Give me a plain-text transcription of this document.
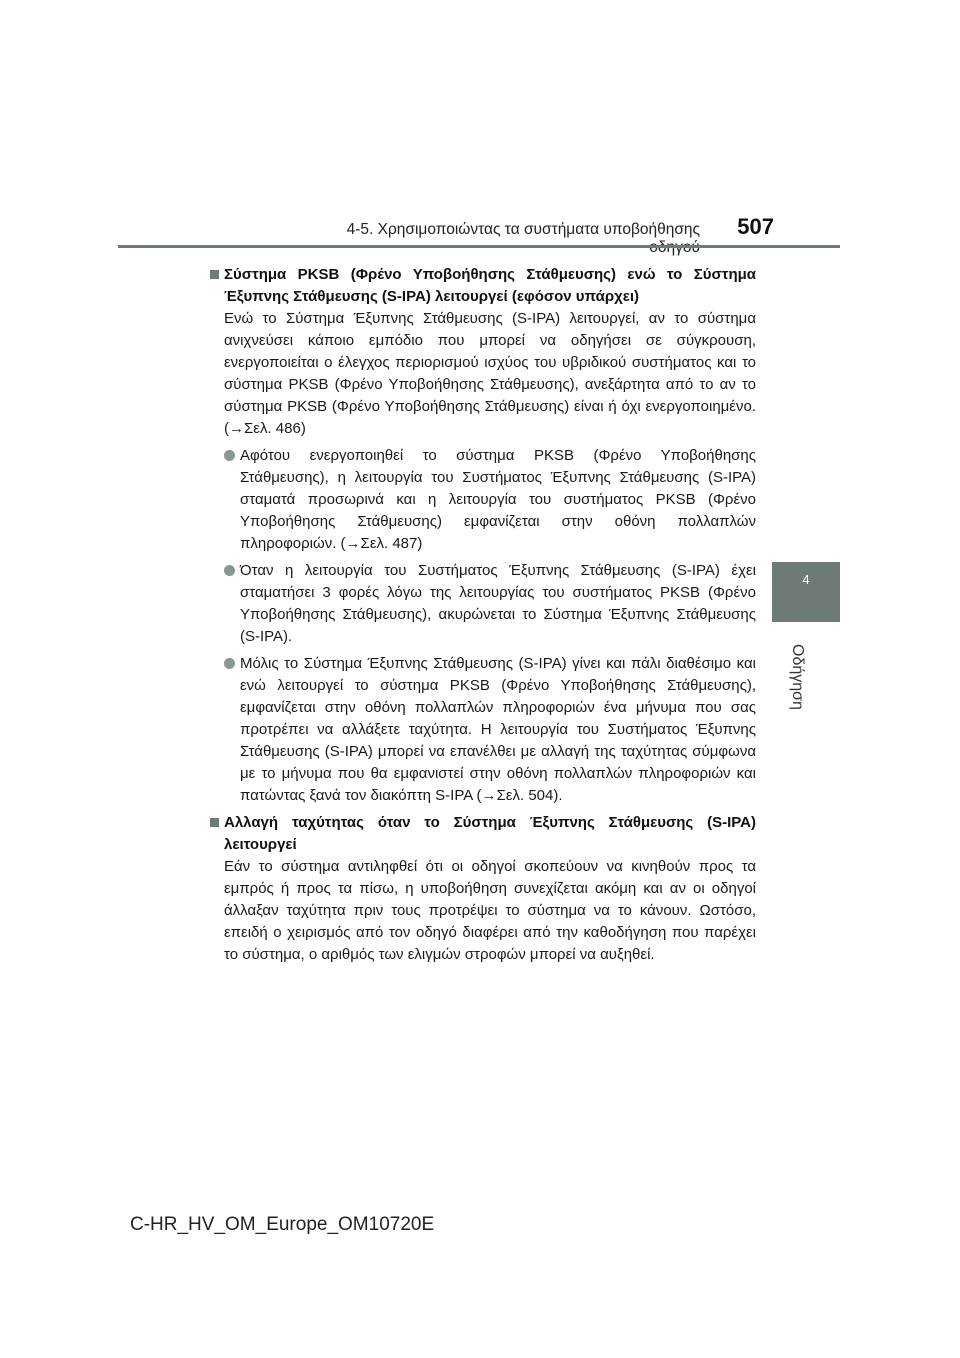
4-5. Χρησιμοποιώντας τα συστήματα υποβοήθησης	507
4
Οδήγηση
Σύστημα PKSB (Φρένο Υποβοήθησης Στάθμευσης) ενώ το Σύστημα Έξυπνης Στάθμευσης (S-IPA) λειτουργεί (εφόσον υπάρχει)
Ενώ το Σύστημα Έξυπνης Στάθμευσης (S-IPA) λειτουργεί, αν το σύστημα ανιχνεύσει κάποιο εμπόδιο που μπορεί να οδηγήσει σε σύγκρουση, ενεργοποιείται ο έλεγχος περιορισμού ισχύος του υβριδικού συστήματος και το σύστημα PKSB (Φρένο Υποβοήθησης Στάθμευσης), ανεξάρτητα από το αν το σύστημα PKSB (Φρένο Υποβοήθησης Στάθμευσης) είναι ή όχι ενεργοποιημένο. (→Σελ. 486)
Αφότου ενεργοποιηθεί το σύστημα PKSB (Φρένο Υποβοήθησης Στάθμευσης), η λειτουργία του Συστήματος Έξυπνης Στάθμευσης (S-IPA) σταματά προσωρινά και η λειτουργία του συστήματος PKSB (Φρένο Υποβοήθησης Στάθμευσης) εμφανίζεται στην οθόνη πολλαπλών πληροφοριών. (→Σελ. 487)
Όταν η λειτουργία του Συστήματος Έξυπνης Στάθμευσης (S-IPA) έχει σταματήσει 3 φορές λόγω της λειτουργίας του συστήματος PKSB (Φρένο Υποβοήθησης Στάθμευσης), ακυρώνεται το Σύστημα Έξυπνης Στάθμευσης (S-IPA).
Μόλις το Σύστημα Έξυπνης Στάθμευσης (S-IPA) γίνει και πάλι διαθέσιμο και ενώ λειτουργεί το σύστημα PKSB (Φρένο Υποβοήθησης Στάθμευσης), εμφανίζεται στην οθόνη πολλαπλών πληροφοριών ένα μήνυμα που σας προτρέπει να αλλάξετε ταχύτητα. Η λειτουργία του Συστήματος Έξυπνης Στάθμευσης (S-IPA) μπορεί να επανέλθει με αλλαγή της ταχύτητας σύμφωνα με το μήνυμα που θα εμφανιστεί στην οθόνη πολλαπλών πληροφοριών και πατώντας ξανά τον διακόπτη S-IPA (→Σελ. 504).
Αλλαγή ταχύτητας όταν το Σύστημα Έξυπνης Στάθμευσης (S-IPA) λειτουργεί
Εάν το σύστημα αντιληφθεί ότι οι οδηγοί σκοπεύουν να κινηθούν προς τα εμπρός ή προς τα πίσω, η υποβοήθηση συνεχίζεται ακόμη και αν οι οδηγοί άλλαξαν ταχύτητα πριν τους προτρέψει το σύστημα να το κάνουν. Ωστόσο, επειδή ο χειρισμός από τον οδηγό διαφέρει από την καθοδήγηση που παρέχει το σύστημα, ο αριθμός των ελιγμών στροφών μπορεί να αυξηθεί.
C-HR_HV_OM_Europe_OM10720E
